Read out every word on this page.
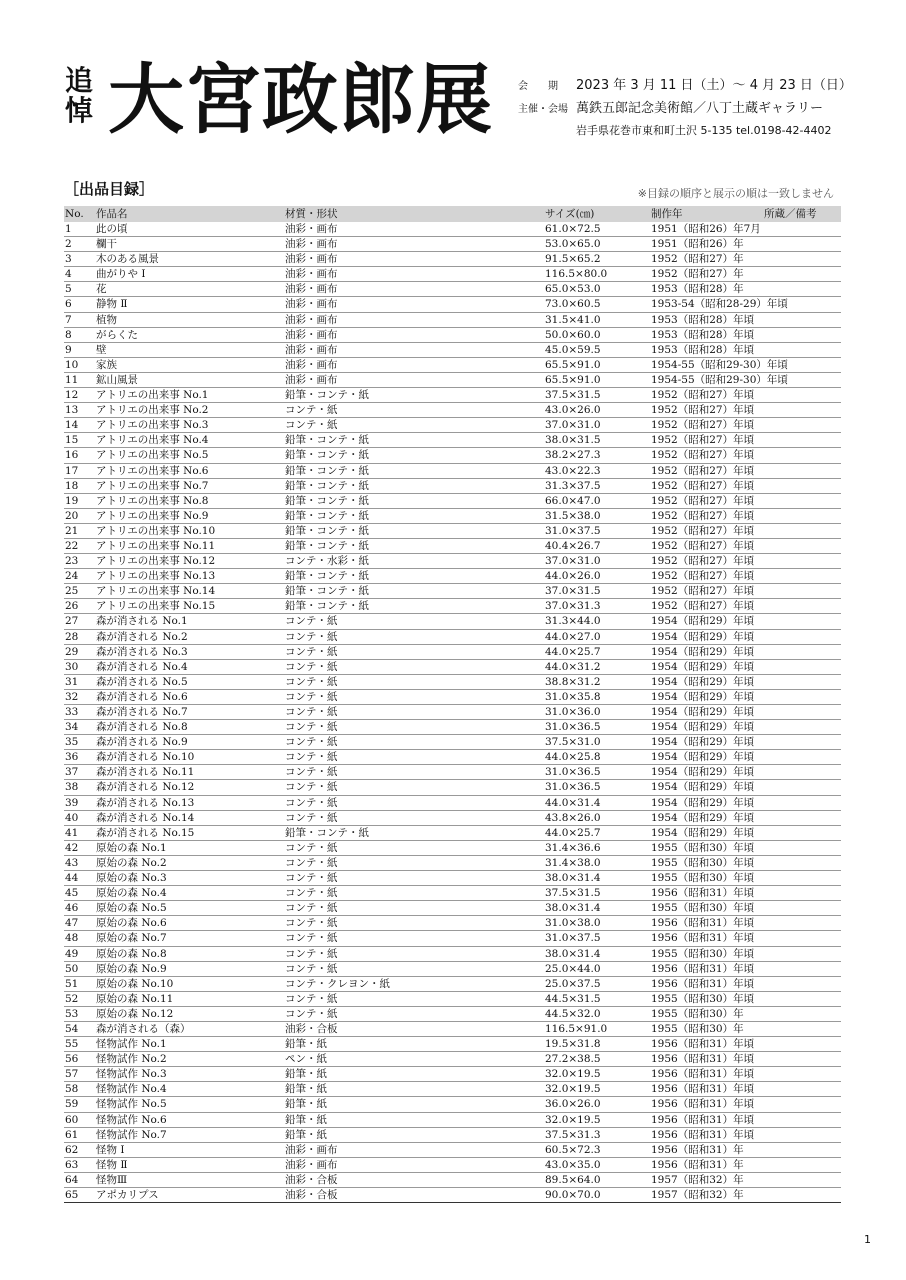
追
悼 大宮政郎展	会　　期 2023 年 3 月 11 日（土）～ 4 月 23 日（日）
主催・会場 萬鉄五郎記念美術館／八丁土蔵ギャラリー
岩手県花巻市東和町土沢 5-135 tel.0198-42-4402
［出品目録］	※目録の順序と展示の順は一致しません
No.	作品名	材質・形状	サイズ(㎝)	制作年	所蔵／備考
1	此の頃	油彩・画布	61.0×72.5	1951（昭和26）年7月
2	欄干	油彩・画布	53.0×65.0	1951（昭和26）年
3	木のある風景	油彩・画布	91.5×65.2	1952（昭和27）年
4	曲がりや Ⅰ	油彩・画布	116.5×80.0	1952（昭和27）年
5	花	油彩・画布	65.0×53.0	1953（昭和28）年
6	静物 Ⅱ	油彩・画布	73.0×60.5	1953-54（昭和28-29）年頃
7	植物	油彩・画布	31.5×41.0	1953（昭和28）年頃
8	がらくた	油彩・画布	50.0×60.0	1953（昭和28）年頃
9	壁	油彩・画布	45.0×59.5	1953（昭和28）年頃
10	家族	油彩・画布	65.5×91.0	1954-55（昭和29-30）年頃
11	鉱山風景	油彩・画布	65.5×91.0	1954-55（昭和29-30）年頃
12	アトリエの出来事 No.1	鉛筆・コンテ・紙	37.5×31.5	1952（昭和27）年頃
13	アトリエの出来事 No.2	コンテ・紙	43.0×26.0	1952（昭和27）年頃
14	アトリエの出来事 No.3	コンテ・紙	37.0×31.0	1952（昭和27）年頃
15	アトリエの出来事 No.4	鉛筆・コンテ・紙	38.0×31.5	1952（昭和27）年頃
16	アトリエの出来事 No.5	鉛筆・コンテ・紙	38.2×27.3	1952（昭和27）年頃
17	アトリエの出来事 No.6	鉛筆・コンテ・紙	43.0×22.3	1952（昭和27）年頃
18	アトリエの出来事 No.7	鉛筆・コンテ・紙	31.3×37.5	1952（昭和27）年頃
19	アトリエの出来事 No.8	鉛筆・コンテ・紙	66.0×47.0	1952（昭和27）年頃
20	アトリエの出来事 No.9	鉛筆・コンテ・紙	31.5×38.0	1952（昭和27）年頃
21	アトリエの出来事 No.10	鉛筆・コンテ・紙	31.0×37.5	1952（昭和27）年頃
22	アトリエの出来事 No.11	鉛筆・コンテ・紙	40.4×26.7	1952（昭和27）年頃
23	アトリエの出来事 No.12	コンテ・水彩・紙	37.0×31.0	1952（昭和27）年頃
24	アトリエの出来事 No.13	鉛筆・コンテ・紙	44.0×26.0	1952（昭和27）年頃
25	アトリエの出来事 No.14	鉛筆・コンテ・紙	37.0×31.5	1952（昭和27）年頃
26	アトリエの出来事 No.15	鉛筆・コンテ・紙	37.0×31.3	1952（昭和27）年頃
27	森が消される No.1	コンテ・紙	31.3×44.0	1954（昭和29）年頃
28	森が消される No.2	コンテ・紙	44.0×27.0	1954（昭和29）年頃
29	森が消される No.3	コンテ・紙	44.0×25.7	1954（昭和29）年頃
30	森が消される No.4	コンテ・紙	44.0×31.2	1954（昭和29）年頃
31	森が消される No.5	コンテ・紙	38.8×31.2	1954（昭和29）年頃
32	森が消される No.6	コンテ・紙	31.0×35.8	1954（昭和29）年頃
33	森が消される No.7	コンテ・紙	31.0×36.0	1954（昭和29）年頃
34	森が消される No.8	コンテ・紙	31.0×36.5	1954（昭和29）年頃
35	森が消される No.9	コンテ・紙	37.5×31.0	1954（昭和29）年頃
36	森が消される No.10	コンテ・紙	44.0×25.8	1954（昭和29）年頃
37	森が消される No.11	コンテ・紙	31.0×36.5	1954（昭和29）年頃
38	森が消される No.12	コンテ・紙	31.0×36.5	1954（昭和29）年頃
39	森が消される No.13	コンテ・紙	44.0×31.4	1954（昭和29）年頃
40	森が消される No.14	コンテ・紙	43.8×26.0	1954（昭和29）年頃
41	森が消される No.15	鉛筆・コンテ・紙	44.0×25.7	1954（昭和29）年頃
42	原始の森 No.1	コンテ・紙	31.4×36.6	1955（昭和30）年頃
43	原始の森 No.2	コンテ・紙	31.4×38.0	1955（昭和30）年頃
44	原始の森 No.3	コンテ・紙	38.0×31.4	1955（昭和30）年頃
45	原始の森 No.4	コンテ・紙	37.5×31.5	1956（昭和31）年頃
46	原始の森 No.5	コンテ・紙	38.0×31.4	1955（昭和30）年頃
47	原始の森 No.6	コンテ・紙	31.0×38.0	1956（昭和31）年頃
48	原始の森 No.7	コンテ・紙	31.0×37.5	1956（昭和31）年頃
49	原始の森 No.8	コンテ・紙	38.0×31.4	1955（昭和30）年頃
50	原始の森 No.9	コンテ・紙	25.0×44.0	1956（昭和31）年頃
51	原始の森 No.10	コンテ・クレヨン・紙	25.0×37.5	1956（昭和31）年頃
52	原始の森 No.11	コンテ・紙	44.5×31.5	1955（昭和30）年頃
53	原始の森 No.12	コンテ・紙	44.5×32.0	1955（昭和30）年
54	森が消される（森）	油彩・合板	116.5×91.0	1955（昭和30）年
55	怪物試作 No.1	鉛筆・紙	19.5×31.8	1956（昭和31）年頃
56	怪物試作 No.2	ペン・紙	27.2×38.5	1956（昭和31）年頃
57	怪物試作 No.3	鉛筆・紙	32.0×19.5	1956（昭和31）年頃
58	怪物試作 No.4	鉛筆・紙	32.0×19.5	1956（昭和31）年頃
59	怪物試作 No.5	鉛筆・紙	36.0×26.0	1956（昭和31）年頃
60	怪物試作 No.6	鉛筆・紙	32.0×19.5	1956（昭和31）年頃
61	怪物試作 No.7	鉛筆・紙	37.5×31.3	1956（昭和31）年頃
62	怪物 Ⅰ	油彩・画布	60.5×72.3	1956（昭和31）年
63	怪物 Ⅱ	油彩・画布	43.0×35.0	1956（昭和31）年
64	怪物Ⅲ	油彩・合板	89.5×64.0	1957（昭和32）年
65	アポカリプス	油彩・合板	90.0×70.0	1957（昭和32）年
1
